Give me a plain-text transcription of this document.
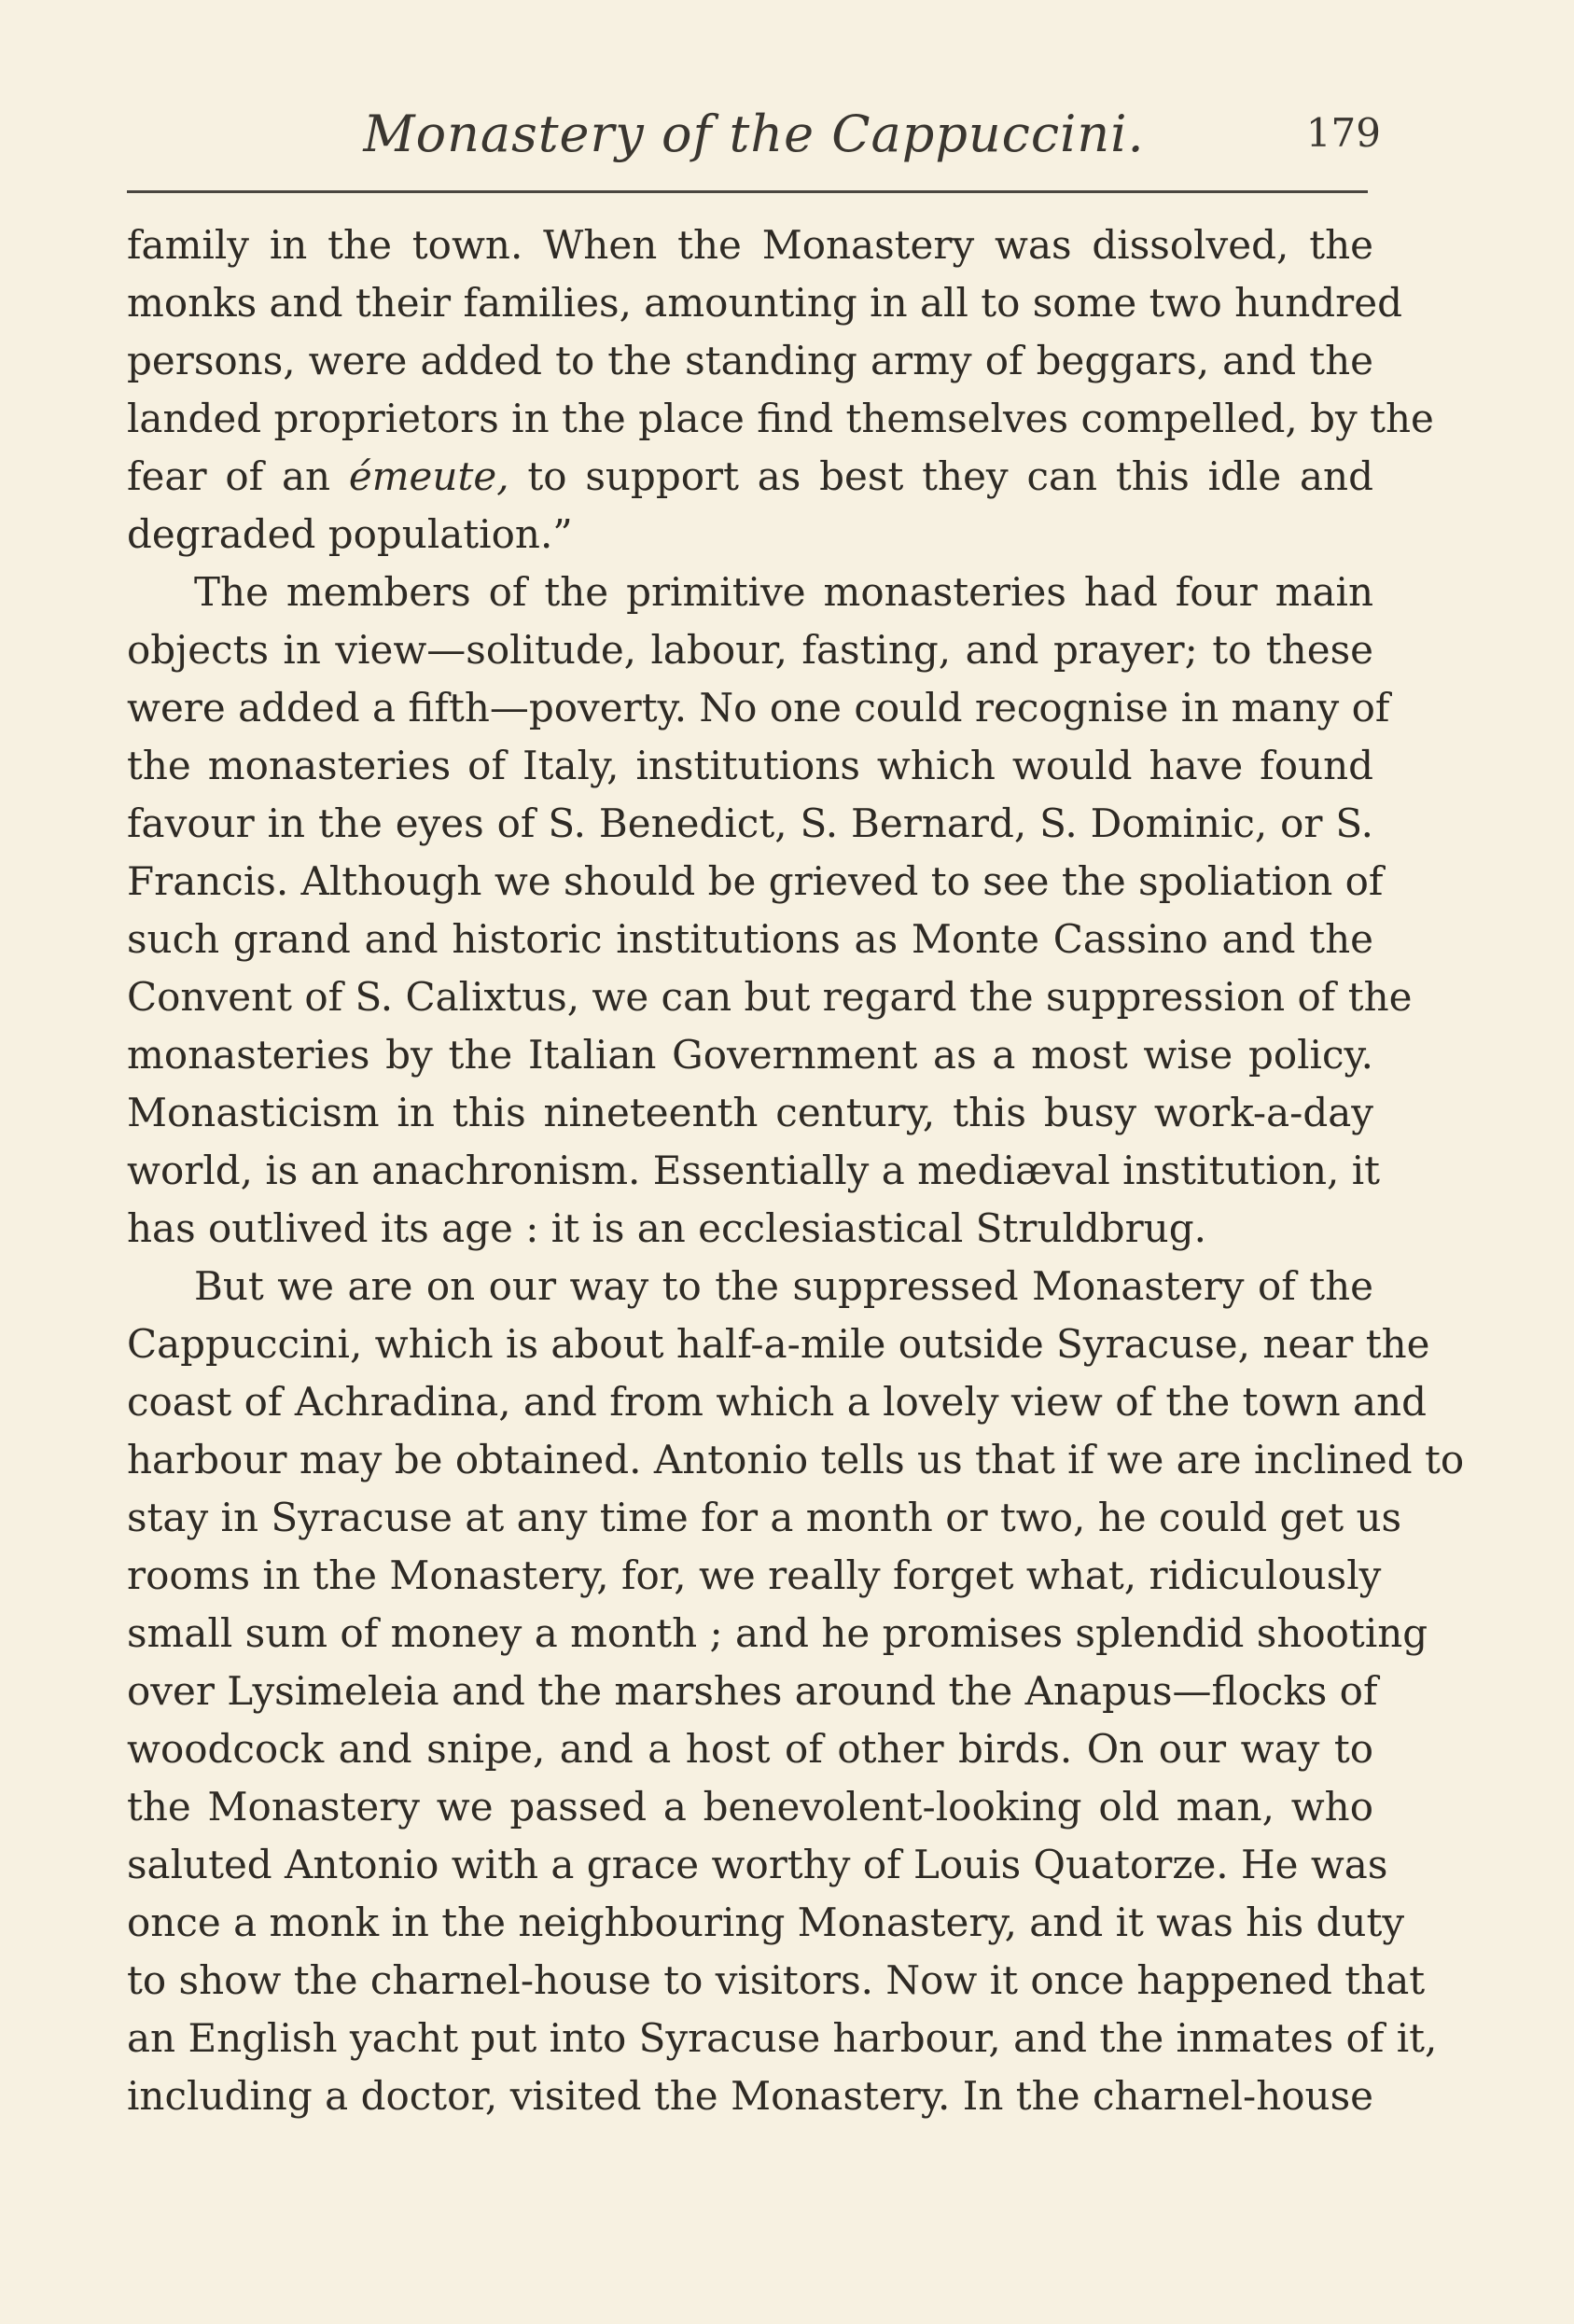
Monastery of the Cappuccini.	179
family in the town. When the Monastery was dissolved, the
monks and their families, amounting in all to some two hundred
persons, were added to the standing army of beggars, and the
landed proprietors in the place find themselves compelled, by the
fear of an émeute, to support as best they can this idle and
degraded population.”
The members of the primitive monasteries had four main
objects in view—solitude, labour, fasting, and prayer; to these
were added a fifth—poverty. No one could recognise in many of
the monasteries of Italy, institutions which would have found
favour in the eyes of S. Benedict, S. Bernard, S. Dominic, or S.
Francis. Although we should be grieved to see the spoliation of
such grand and historic institutions as Monte Cassino and the
Convent of S. Calixtus, we can but regard the suppression of the
monasteries by the Italian Government as a most wise policy.
Monasticism in this nineteenth century, this busy work-a-day
world, is an anachronism. Essentially a mediæval institution, it
has outlived its age : it is an ecclesiastical Struldbrug.
But we are on our way to the suppressed Monastery of the
Cappuccini, which is about half-a-mile outside Syracuse, near the
coast of Achradina, and from which a lovely view of the town and
harbour may be obtained. Antonio tells us that if we are inclined to
stay in Syracuse at any time for a month or two, he could get us
rooms in the Monastery, for, we really forget what, ridiculously
small sum of money a month ; and he promises splendid shooting
over Lysimeleia and the marshes around the Anapus—flocks of
woodcock and snipe, and a host of other birds. On our way to
the Monastery we passed a benevolent-looking old man, who
saluted Antonio with a grace worthy of Louis Quatorze. He was
once a monk in the neighbouring Monastery, and it was his duty
to show the charnel-house to visitors. Now it once happened that
an English yacht put into Syracuse harbour, and the inmates of it,
including a doctor, visited the Monastery. In the charnel-house
